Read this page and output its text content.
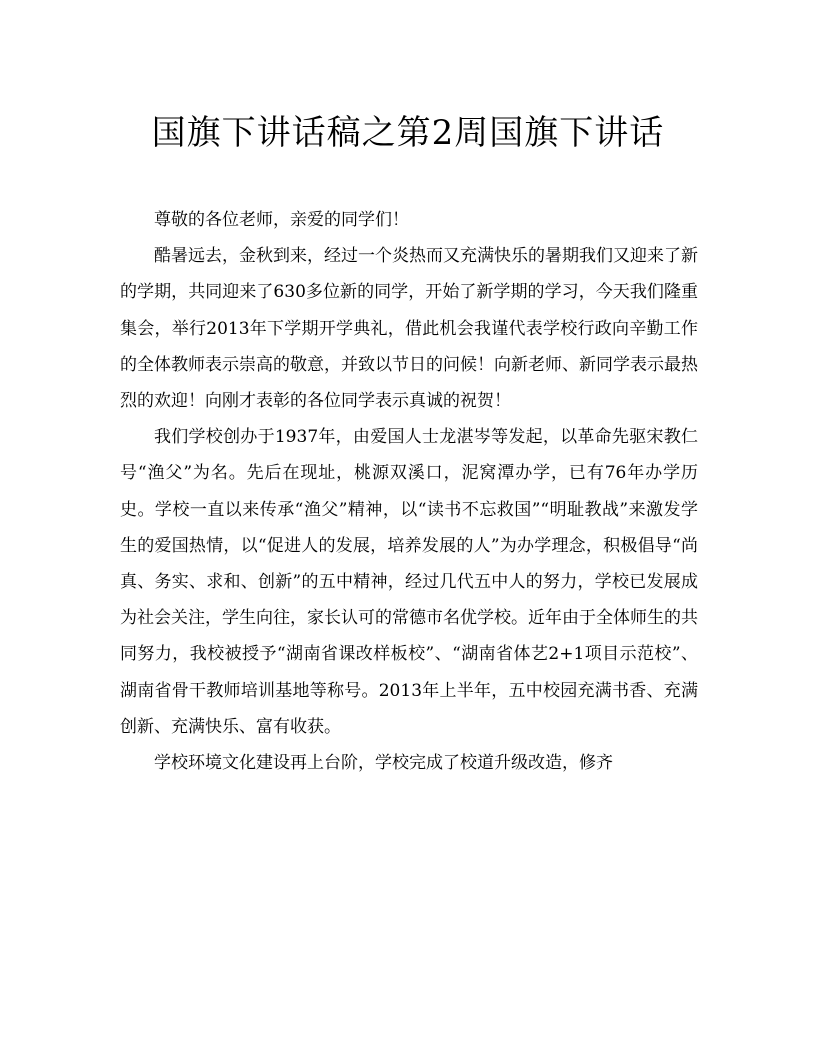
国旗下讲话稿之第2周国旗下讲话

尊敬的各位老师，亲爱的同学们！

酷暑远去，金秋到来，经过一个炎热而又充满快乐的暑期我们又迎来了新的学期，共同迎来了630多位新的同学，开始了新学期的学习，今天我们隆重集会，举行2013年下学期开学典礼，借此机会我谨代表学校行政向辛勤工作的全体教师表示崇高的敬意，并致以节日的问候！向新老师、新同学表示最热烈的欢迎！向刚才表彰的各位同学表示真诚的祝贺！

我们学校创办于1937年，由爱国人士龙湛岑等发起，以革命先驱宋教仁号“渔父”为名。先后在现址，桃源双溪口，泥窝潭办学，已有76年办学历史。学校一直以来传承“渔父”精神，以“读书不忘救国”“明耻教战”来激发学生的爱国热情，以“促进人的发展，培养发展的人”为办学理念，积极倡导“尚真、务实、求和、创新”的五中精神，经过几代五中人的努力，学校已发展成为社会关注，学生向往，家长认可的常德市名优学校。近年由于全体师生的共同努力，我校被授予“湖南省课改样板校”、“湖南省体艺2+1项目示范校”、湖南省骨干教师培训基地等称号。2013年上半年，五中校园充满书香、充满创新、充满快乐、富有收获。

学校环境文化建设再上台阶，学校完成了校道升级改造，修齐
